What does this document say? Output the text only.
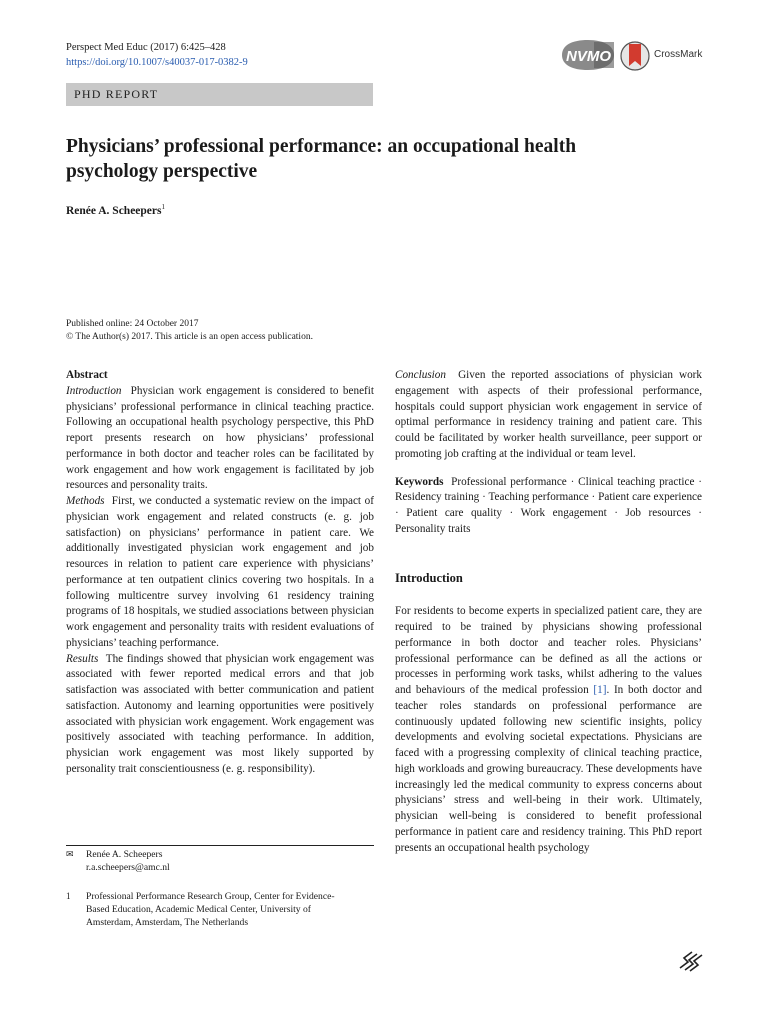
Perspect Med Educ (2017) 6:425–428
https://doi.org/10.1007/s40037-017-0382-9	NVMO	CrossMark
PHD REPORT
Physicians’ professional performance: an occupational health psychology perspective
Renée A. Scheepers$^1$
Published online: 24 October 2017
© The Author(s) 2017. This article is an open access publication.

Abstract

Introduction Physician work engagement is considered to benefit physicians’ professional performance in clinical teaching practice. Following an occupational health psychology perspective, this PhD report presents research on how physicians’ professional performance in both doctor and teacher roles can be facilitated by work engagement and how work engagement is facilitated by job resources and personality traits.

Methods First, we conducted a systematic review on the impact of physician work engagement and related constructs (e. g. job satisfaction) on physicians’ performance in patient care. We additionally investigated physician work engagement and job resources in relation to patient care experience with physicians’ performance at ten outpatient clinics covering two hospitals. In a following multicentre survey involving 61 residency training programs of 18 hospitals, we studied associations between physician work engagement and personality traits with resident evaluations of physicians’ teaching performance.

Results The findings showed that physician work engagement was associated with fewer reported medical errors and that job satisfaction was associated with better communication and patient satisfaction. Autonomy and learning opportunities were positively associated with physician work engagement. Work engagement was positively associated with teaching performance. In addition, physician work engagement was most likely supported by personality trait conscientiousness (e. g. responsibility).

Conclusion Given the reported associations of physician work engagement with aspects of their professional performance, hospitals could support physician work engagement in service of optimal performance in residency training and patient care. This could be facilitated by worker health surveillance, peer support or promoting job crafting at the individual or team level.

Keywords Professional performance · Clinical teaching practice · Residency training · Teaching performance · Patient care experience · Patient care quality · Work engagement · Job resources · Personality traits

Introduction

For residents to become experts in specialized patient care, they are required to be trained by physicians showing professional performance in both doctor and teacher roles. Physicians’ professional performance can be defined as all the actions or processes in performing work tasks, whilst adhering to the values and behaviours of the medical profession [1]. In both doctor and teacher roles standards on professional performance are continuously updated following new scientific insights, policy developments and evolving societal expectations. Physicians are faced with a progressing complexity of clinical teaching practice, high workloads and growing bureaucracy. These developments have increasingly led the medical community to express concerns about physicians’ stress and well-being in their work. Ultimately, physician well-being is considered to benefit professional performance in patient care and residency training. This PhD report presents an occupational health psychology

✉ Renée A. Scheepers
r.a.scheepers@amc.nl
1 Professional Performance Research Group, Center for Evidence-Based Education, Academic Medical Center, University of Amsterdam, Amsterdam, The Netherlands
